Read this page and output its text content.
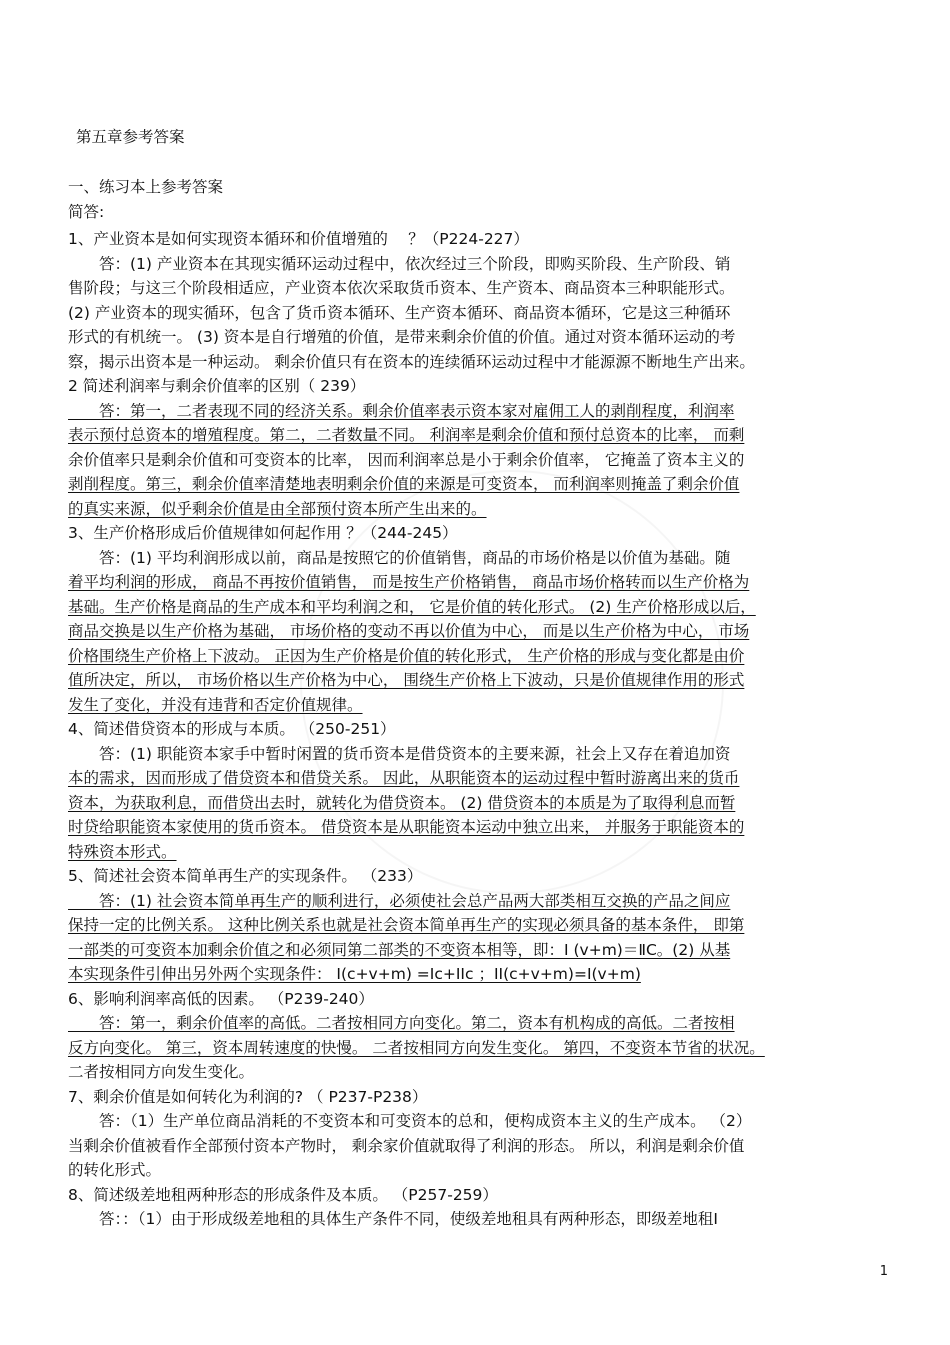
第五章参考答案
一、练习本上参考答案
简答:
1、产业资本是如何实现资本循环和价值增殖的　 ？（P224-227）
　　答：(1) 产业资本在其现实循环运动过程中，依次经过三个阶段，即购买阶段、生产阶段、销
售阶段；与这三个阶段相适应，产业资本依次采取货币资本、生产资本、商品资本三种职能形式。
(2) 产业资本的现实循环，包含了货币资本循环、生产资本循环、商品资本循环，它是这三种循环
形式的有机统一。 (3) 资本是自行增殖的价值，是带来剩余价值的价值。通过对资本循环运动的考
察，揭示出资本是一种运动。 剩余价值只有在资本的连续循环运动过程中才能源源不断地生产出来。
2 简述利润率与剩余价值率的区别（ 239）
　　答：第一，二者表现不同的经济关系。剩余价值率表示资本家对雇佣工人的剥削程度，利润率
表示预付总资本的增殖程度。第二，二者数量不同。 利润率是剩余价值和预付总资本的比率， 而剩
余价值率只是剩余价值和可变资本的比率， 因而利润率总是小于剩余价值率， 它掩盖了资本主义的
剥削程度。第三，剩余价值率清楚地表明剩余价值的来源是可变资本， 而利润率则掩盖了剩余价值
的真实来源，似乎剩余价值是由全部预付资本所产生出来的。
3、生产价格形成后价值规律如何起作用 ？（244-245）
　　答：(1) 平均利润形成以前，商品是按照它的价值销售，商品的市场价格是以价值为基础。随
着平均利润的形成， 商品不再按价值销售， 而是按生产价格销售， 商品市场价格转而以生产价格为
基础。生产价格是商品的生产成本和平均利润之和， 它是价值的转化形式。 (2) 生产价格形成以后，
商品交换是以生产价格为基础， 市场价格的变动不再以价值为中心， 而是以生产价格为中心， 市场
价格围绕生产价格上下波动。 正因为生产价格是价值的转化形式， 生产价格的形成与变化都是由价
值所决定，所以， 市场价格以生产价格为中心， 围绕生产价格上下波动，只是价值规律作用的形式
发生了变化，并没有违背和否定价值规律。
4、简述借贷资本的形成与本质。 （250-251）
　　答：(1) 职能资本家手中暂时闲置的货币资本是借贷资本的主要来源，社会上又存在着追加资
本的需求，因而形成了借贷资本和借贷关系。 因此，从职能资本的运动过程中暂时游离出来的货币
资本，为获取利息，而借贷出去时，就转化为借贷资本。 (2) 借贷资本的本质是为了取得利息而暂
时贷给职能资本家使用的货币资本。 借贷资本是从职能资本运动中独立出来， 并服务于职能资本的
特殊资本形式。
5、简述社会资本简单再生产的实现条件。 （233）
　　答：(1) 社会资本简单再生产的顺利进行，必须使社会总产品两大部类相互交换的产品之间应
保持一定的比例关系。 这种比例关系也就是社会资本简单再生产的实现必须具备的基本条件， 即第
一部类的可变资本加剩余价值之和必须同第二部类的不变资本相等，即：Ⅰ (v+m)＝ⅡC。(2) 从基
本实现条件引伸出另外两个实现条件： Ⅰ(c+v+m) =Ic+IIc ；II(c+v+m)=I(v+m)
6、影响利润率高低的因素。 （P239-240）
　　答：第一，剩余价值率的高低。二者按相同方向变化。第二，资本有机构成的高低。二者按相
反方向变化。 第三，资本周转速度的快慢。 二者按相同方向发生变化。 第四，不变资本节省的状况。
二者按相同方向发生变化。
7、剩余价值是如何转化为利润的? （ P237-P238）
　　答：（1）生产单位商品消耗的不变资本和可变资本的总和，便构成资本主义的生产成本。 （2）
当剩余价值被看作全部预付资本产物时， 剩余家价值就取得了利润的形态。 所以，利润是剩余价值
的转化形式。
8、简述级差地租两种形态的形成条件及本质。 （P257-259）
　　答：：（1）由于形成级差地租的具体生产条件不同，使级差地租具有两种形态，即级差地租Ⅰ
1
